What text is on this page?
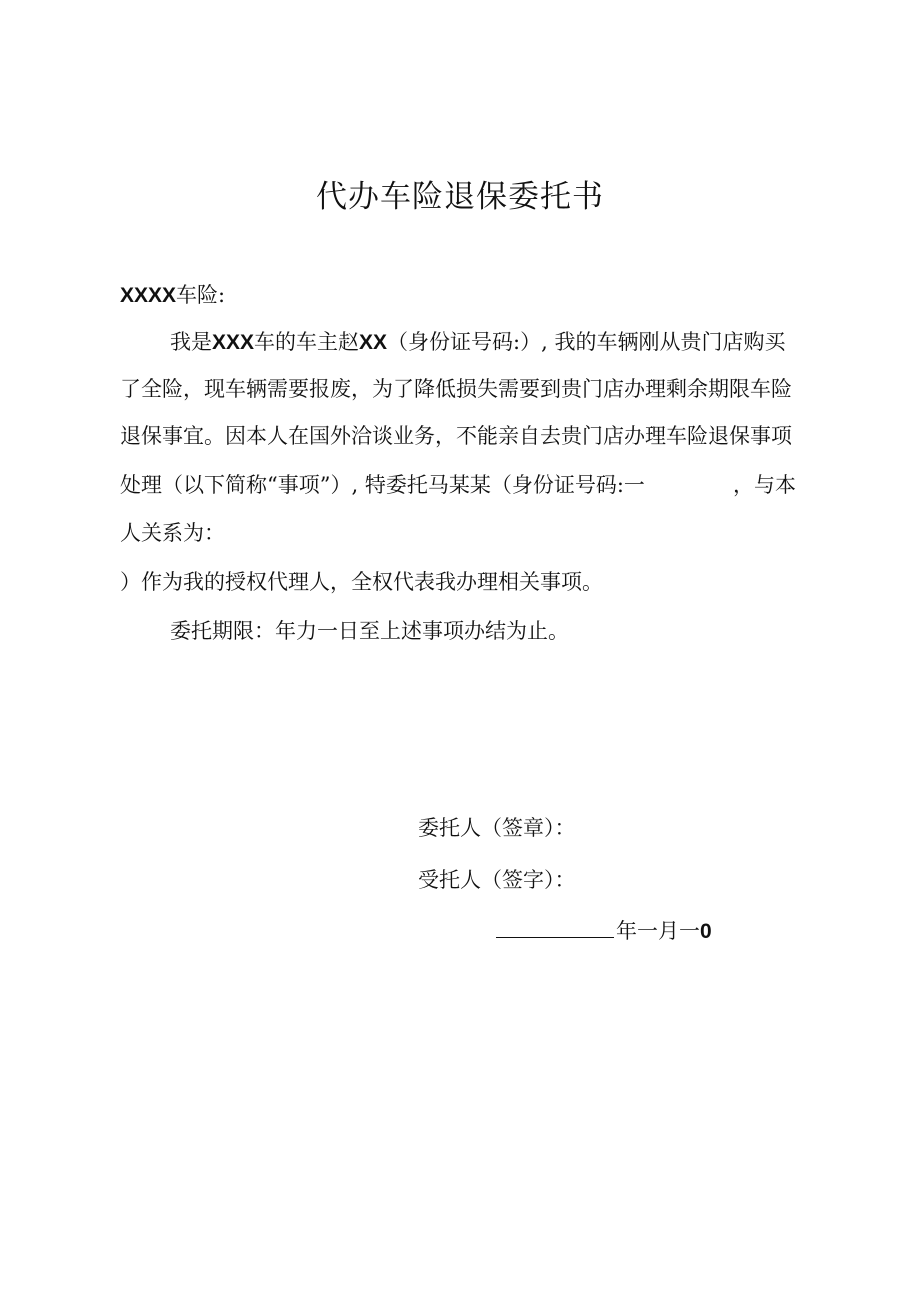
代办车险退保委托书
XXXX车险:
我是XXX车的车主赵XX（身份证号码:）, 我的车辆刚从贵门店购买
了全险，现车辆需要报废，为了降低损失需要到贵门店办理剩余期限车险
退保事宜。因本人在国外洽谈业务，不能亲自去贵门店办理车险退保事项
处理（以下简称“事项”）, 特委托马某某（身份证号码:一	，与本
人关系为：
）作为我的授权代理人，全权代表我办理相关事项。
委托期限：年力一日至上述事项办结为止。
委托人（签章）：
受托人（签字）：
年一月一0
